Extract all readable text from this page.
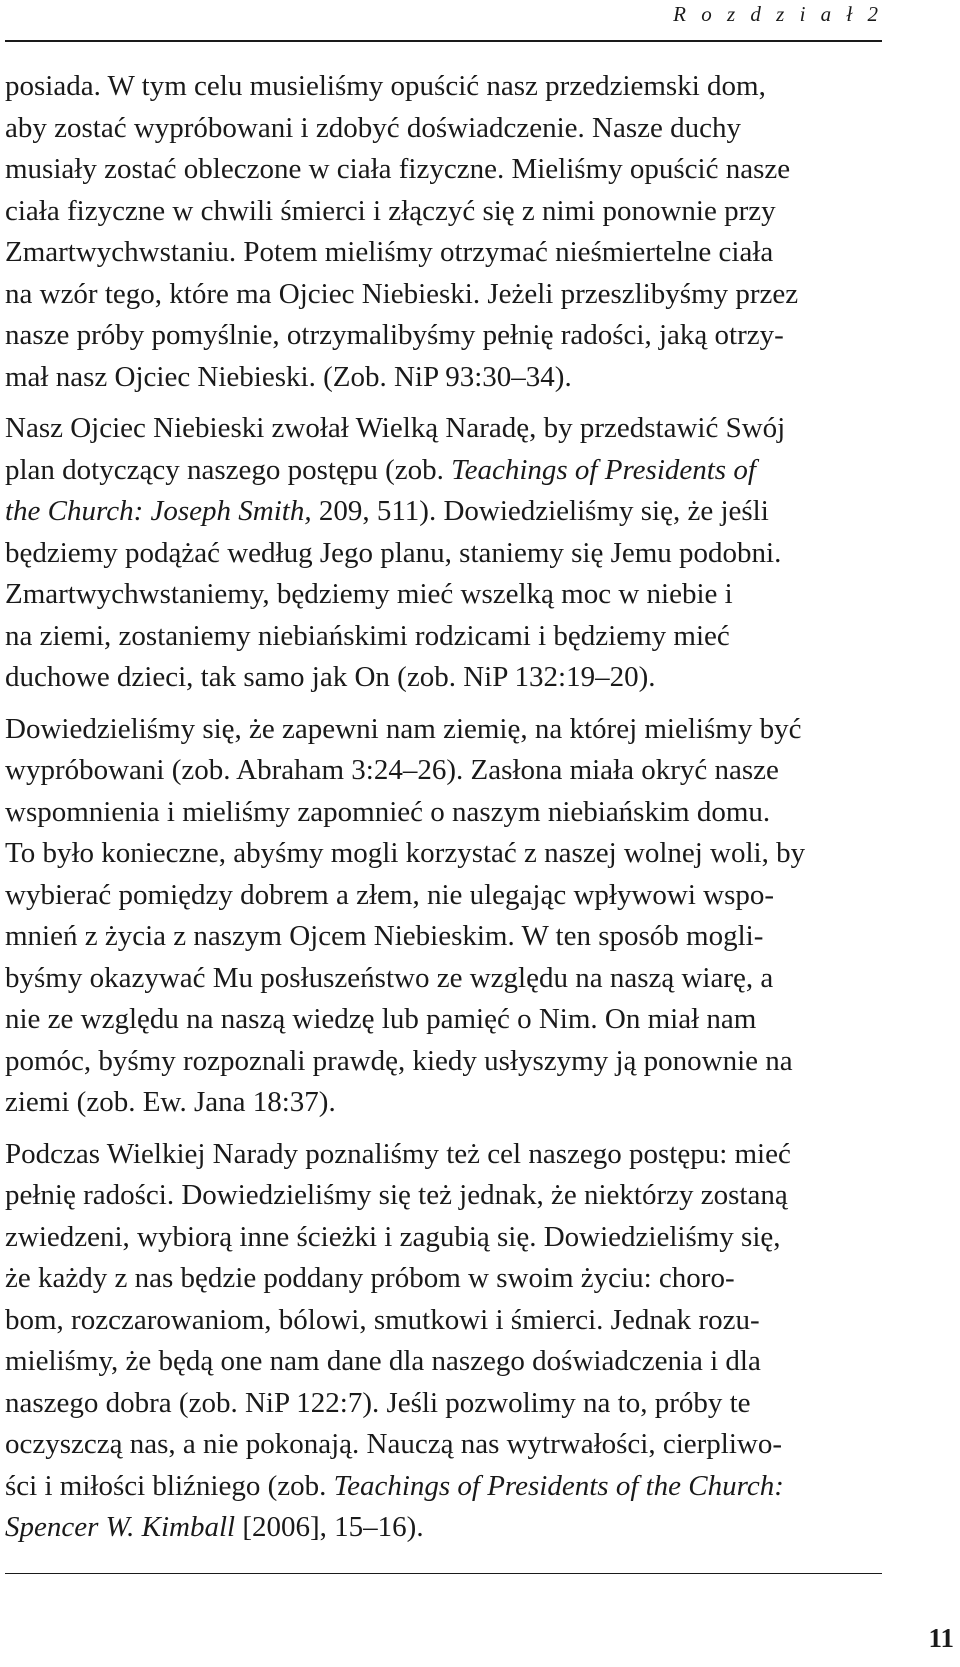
R o z d z i a ł 2
posiada. W tym celu musieliśmy opuścić nasz przedziemski dom,
aby zostać wypróbowani i zdobyć doświadczenie. Nasze duchy
musiały zostać obleczone w ciała fizyczne. Mieliśmy opuścić nasze
ciała fizyczne w chwili śmierci i złączyć się z nimi ponownie przy
Zmartwychwstaniu. Potem mieliśmy otrzymać nieśmiertelne ciała
na wzór tego, które ma Ojciec Niebieski. Jeżeli przeszlibyśmy przez
nasze próby pomyślnie, otrzymalibyśmy pełnię radości, jaką otrzy-
mał nasz Ojciec Niebieski. (Zob. NiP 93:30–34).
Nasz Ojciec Niebieski zwołał Wielką Naradę, by przedstawić Swój
plan dotyczący naszego postępu (zob. Teachings of Presidents of
the Church: Joseph Smith, 209, 511). Dowiedzieliśmy się, że jeśli
będziemy podążać według Jego planu, staniemy się Jemu podobni.
Zmartwychwstaniemy, będziemy mieć wszelką moc w niebie i
na ziemi, zostaniemy niebiańskimi rodzicami i będziemy mieć
duchowe dzieci, tak samo jak On (zob. NiP 132:19–20).
Dowiedzieliśmy się, że zapewni nam ziemię, na której mieliśmy być
wypróbowani (zob. Abraham 3:24–26). Zasłona miała okryć nasze
wspomnienia i mieliśmy zapomnieć o naszym niebiańskim domu.
To było konieczne, abyśmy mogli korzystać z naszej wolnej woli, by
wybierać pomiędzy dobrem a złem, nie ulegając wpływowi wspo-
mnień z życia z naszym Ojcem Niebieskim. W ten sposób mogli-
byśmy okazywać Mu posłuszeństwo ze względu na naszą wiarę, a
nie ze względu na naszą wiedzę lub pamięć o Nim. On miał nam
pomóc, byśmy rozpoznali prawdę, kiedy usłyszymy ją ponownie na
ziemi (zob. Ew. Jana 18:37).
Podczas Wielkiej Narady poznaliśmy też cel naszego postępu: mieć
pełnię radości. Dowiedzieliśmy się też jednak, że niektórzy zostaną
zwiedzeni, wybiorą inne ścieżki i zagubią się. Dowiedzieliśmy się,
że każdy z nas będzie poddany próbom w swoim życiu: choro-
bom, rozczarowaniom, bólowi, smutkowi i śmierci. Jednak rozu-
mieliśmy, że będą one nam dane dla naszego doświadczenia i dla
naszego dobra (zob. NiP 122:7). Jeśli pozwolimy na to, próby te
oczyszczą nas, a nie pokonają. Nauczą nas wytrwałości, cierpliwo-
ści i miłości bliźniego (zob. Teachings of Presidents of the Church:
Spencer W. Kimball [2006], 15–16).
11
